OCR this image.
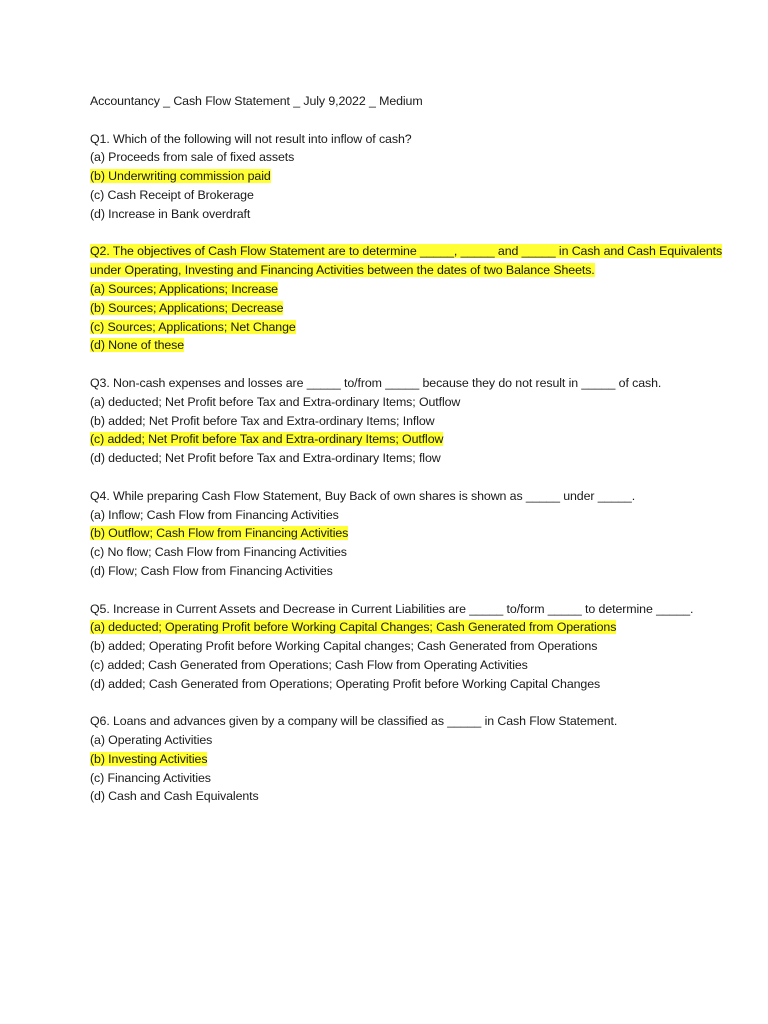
Accountancy _ Cash Flow Statement _ July 9,2022 _ Medium
Q1. Which of the following will not result into inflow of cash?
(a) Proceeds from sale of fixed assets
(b) Underwriting commission paid
(c) Cash Receipt of Brokerage
(d) Increase in Bank overdraft
Q2. The objectives of Cash Flow Statement are to determine _____, _____ and _____ in Cash and Cash Equivalents under Operating, Investing and Financing Activities between the dates of two Balance Sheets.
(a) Sources; Applications; Increase
(b) Sources; Applications; Decrease
(c) Sources; Applications; Net Change
(d) None of these
Q3. Non-cash expenses and losses are _____ to/from _____ because they do not result in _____ of cash.
(a) deducted; Net Profit before Tax and Extra-ordinary Items; Outflow
(b) added; Net Profit before Tax and Extra-ordinary Items; Inflow
(c) added; Net Profit before Tax and Extra-ordinary Items; Outflow
(d) deducted; Net Profit before Tax and Extra-ordinary Items; flow
Q4. While preparing Cash Flow Statement, Buy Back of own shares is shown as _____ under _____.
(a) Inflow; Cash Flow from Financing Activities
(b) Outflow; Cash Flow from Financing Activities
(c) No flow; Cash Flow from Financing Activities
(d) Flow; Cash Flow from Financing Activities
Q5. Increase in Current Assets and Decrease in Current Liabilities are _____ to/form _____ to determine _____.
(a) deducted; Operating Profit before Working Capital Changes; Cash Generated from Operations
(b) added; Operating Profit before Working Capital changes; Cash Generated from Operations
(c) added; Cash Generated from Operations; Cash Flow from Operating Activities
(d) added; Cash Generated from Operations; Operating Profit before Working Capital Changes
Q6. Loans and advances given by a company will be classified as _____ in Cash Flow Statement.
(a) Operating Activities
(b) Investing Activities
(c) Financing Activities
(d) Cash and Cash Equivalents
